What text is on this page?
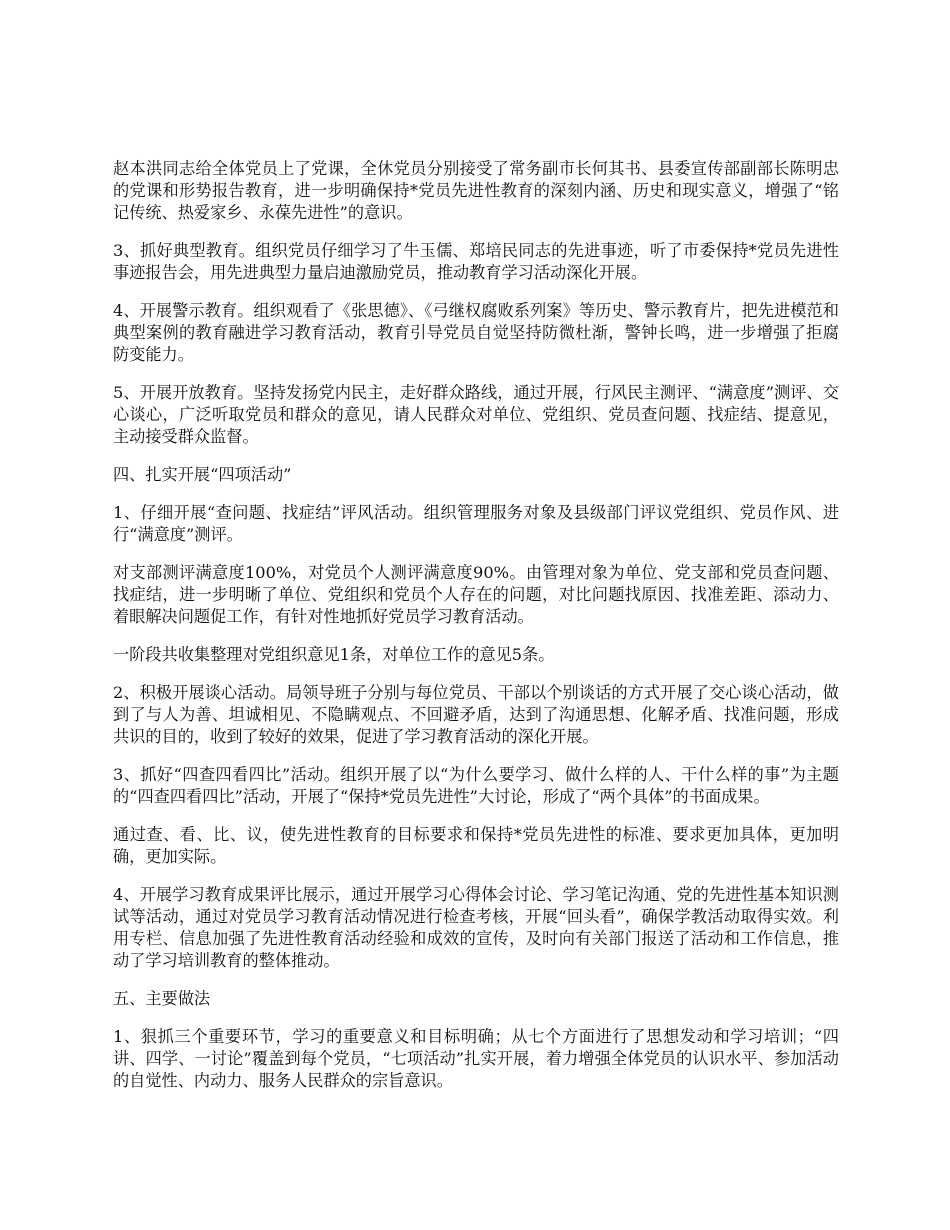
赵本洪同志给全体党员上了党课，全休党员分别接受了常务副市长何其书、县委宣传部副部长陈明忠的党课和形势报告教育，进一步明确保持*党员先进性教育的深刻内涵、历史和现实意义，增强了“铭记传统、热爱家乡、永葆先进性”的意识。

3、抓好典型教育。组织党员仔细学习了牛玉儒、郑培民同志的先进事迹，听了市委保持*党员先进性事迹报告会，用先进典型力量启迪激励党员，推动教育学习活动深化开展。

4、开展警示教育。组织观看了《张思德》、《弓继权腐败系列案》等历史、警示教育片，把先进模范和典型案例的教育融进学习教育活动，教育引导党员自觉坚持防微杜渐，警钟长鸣，进一步增强了拒腐防变能力。

5、开展开放教育。坚持发扬党内民主，走好群众路线，通过开展，行风民主测评、“满意度”测评、交心谈心，广泛听取党员和群众的意见，请人民群众对单位、党组织、党员查问题、找症结、提意见，主动接受群众监督。

四、扎实开展“四项活动”

1、仔细开展“查问题、找症结”评风活动。组织管理服务对象及县级部门评议党组织、党员作风、进行“满意度”测评。

对支部测评满意度100%，对党员个人测评满意度90%。由管理对象为单位、党支部和党员查问题、找症结，进一步明晰了单位、党组织和党员个人存在的问题，对比问题找原因、找准差距、添动力、着眼解决问题促工作，有针对性地抓好党员学习教育活动。

一阶段共收集整理对党组织意见1条，对单位工作的意见5条。

2、积极开展谈心活动。局领导班子分别与每位党员、干部以个别谈话的方式开展了交心谈心活动，做到了与人为善、坦诚相见、不隐瞒观点、不回避矛盾，达到了沟通思想、化解矛盾、找准问题，形成共识的目的，收到了较好的效果，促进了学习教育活动的深化开展。

3、抓好“四查四看四比”活动。组织开展了以“为什么要学习、做什么样的人、干什么样的事”为主题的“四查四看四比”活动，开展了“保持*党员先进性”大讨论，形成了“两个具体”的书面成果。

通过查、看、比、议，使先进性教育的目标要求和保持*党员先进性的标准、要求更加具体，更加明确，更加实际。

4、开展学习教育成果评比展示，通过开展学习心得体会讨论、学习笔记沟通、党的先进性基本知识测试等活动，通过对党员学习教育活动情况进行检查考核，开展“回头看”，确保学教活动取得实效。利用专栏、信息加强了先进性教育活动经验和成效的宣传，及时向有关部门报送了活动和工作信息，推动了学习培训教育的整体推动。

五、主要做法

1、狠抓三个重要环节，学习的重要意义和目标明确；从七个方面进行了思想发动和学习培训；“四讲、四学、一讨论”覆盖到每个党员，“七项活动”扎实开展，着力增强全体党员的认识水平、参加活动的自觉性、内动力、服务人民群众的宗旨意识。
